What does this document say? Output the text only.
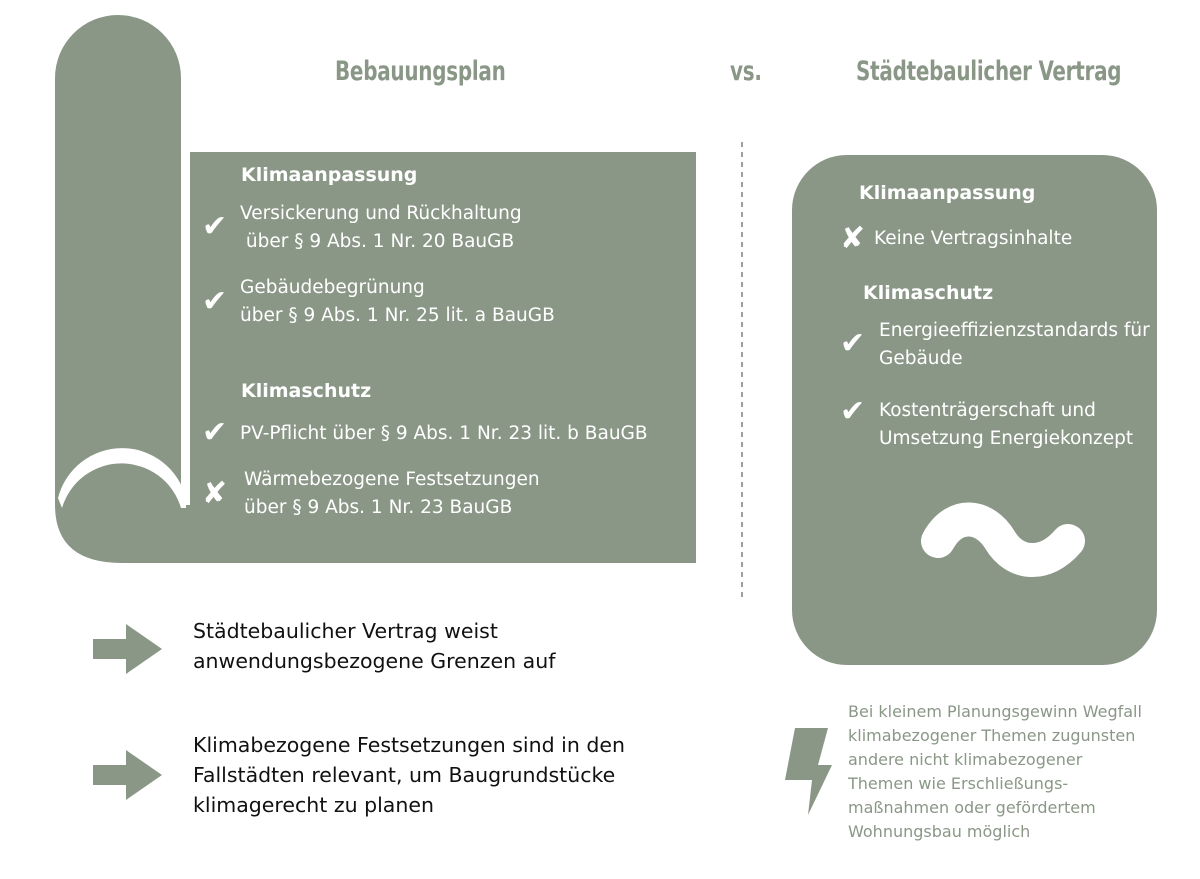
Bebauungsplan	vs.	Städtebaulicher Vertrag
Klimaanpassung
✔ Versickerung und Rückhaltung
über § 9 Abs. 1 Nr. 20 BauGB
✔ Gebäudebegrünung
über § 9 Abs. 1 Nr. 25 lit. a BauGB
Klimaschutz
✔ PV-Pflicht über § 9 Abs. 1 Nr. 23 lit. b BauGB
✘ Wärmebezogene Festsetzungen
über § 9 Abs. 1 Nr. 23 BauGB
Klimaanpassung
✘ Keine Vertragsinhalte
Klimaschutz
✔ Energieeffizienzstandards für
Gebäude
✔ Kostenträgerschaft und
Umsetzung Energiekonzept
Städtebaulicher Vertrag weist
anwendungsbezogene Grenzen auf
Klimabezogene Festsetzungen sind in den
Fallstädten relevant, um Baugrundstücke
klimagerecht zu planen
Bei kleinem Planungsgewinn Wegfall
klimabezogener Themen zugunsten
andere nicht klimabezogener
Themen wie Erschließungs-
maßnahmen oder gefördertem
Wohnungsbau möglich
